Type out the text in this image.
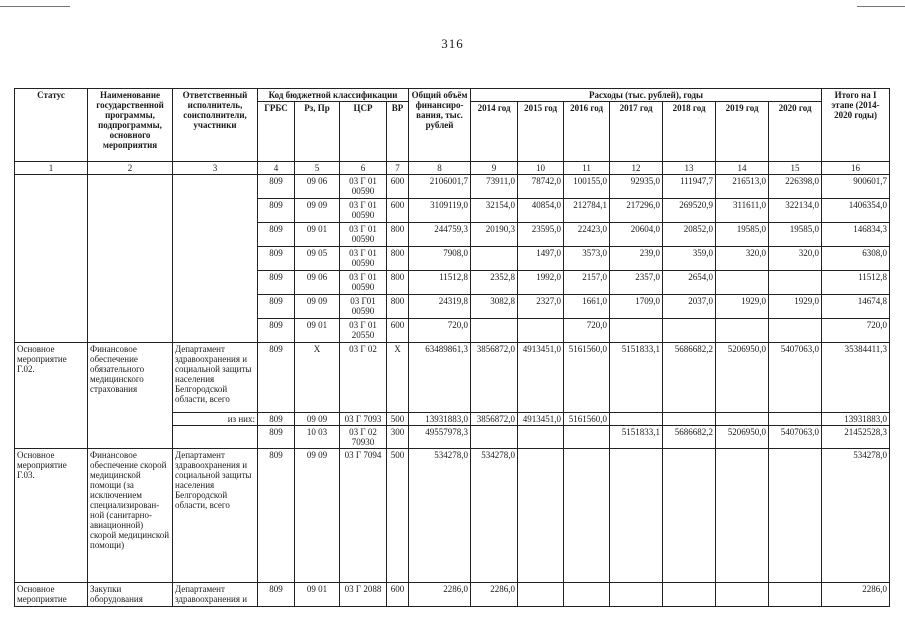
316
Статус	Наименование государственной программы, подпрограммы, основного мероприятия	Ответственный исполнитель, соисполнители, участники	Код бюджетной классификации				Общий объём финансиро-вания, тыс. рублей	Расходы (тыс. рублей), годы							Итого на I этапе (2014-2020 годы)
			ГРБС	Рз, Пр	ЦСР	ВР		2014 год	2015 год	2016 год	2017 год	2018 год	2019 год	2020 год	
1	2	3	4	5	6	7	8	9	10	11	12	13	14	15	16
			809	09 06	03 Г 01 00590	600	2106001,7	73911,0	78742,0	100155,0	92935,0	111947,7	216513,0	226398,0	900601,7
			809	09 09	03 Г 01 00590	600	3109119,0	32154,0	40854,0	212784,1	217296,0	269520,9	311611,0	322134,0	1406354,0
			809	09 01	03 Г 01 00590	800	244759,3	20190,3	23595,0	22423,0	20604,0	20852,0	19585,0	19585,0	146834,3
			809	09 05	03 Г 01 00590	800	7908,0		1497,0	3573,0	239,0	359,0	320,0	320,0	6308,0
			809	09 06	03 Г 01 00590	800	11512,8	2352,8	1992,0	2157,0	2357,0	2654,0			11512,8
			809	09 09	03 Г01 00590	800	24319,8	3082,8	2327,0	1661,0	1709,0	2037,0	1929,0	1929,0	14674,8
			809	09 01	03 Г 01 20550	600	720,0			720,0					720,0
Основное мероприятие Г.02.	Финансовое обеспечение обязательного медицинского страхования	Департамент здравоохранения и социальной защиты населения Белгородской области, всего	809	X	03 Г 02	X	63489861,3	3856872,0	4913451,0	5161560,0	5151833,1	5686682,2	5206950,0	5407063,0	35384411,3
		из них:	809	09 09	03 Г 7093	500	13931883,0	3856872,0	4913451,0	5161560,0					13931883,0
			809	10 03	03 Г 02 70930	300	49557978,3				5151833,1	5686682,2	5206950,0	5407063,0	21452528,3
Основное мероприятие Г.03.	Финансовое обеспечение скорой медицинской помощи (за исключением специализирован-ной (санитарно-авиационной) скорой медицинской помощи)	Департамент здравоохранения и социальной защиты населения Белгородской области, всего	809	09 09	03 Г 7094	500	534278,0	534278,0							534278,0
Основное мероприятие	Закупки оборудования	Департамент здравоохранения и	809	09 01	03 Г 2088	600	2286,0	2286,0							2286,0
